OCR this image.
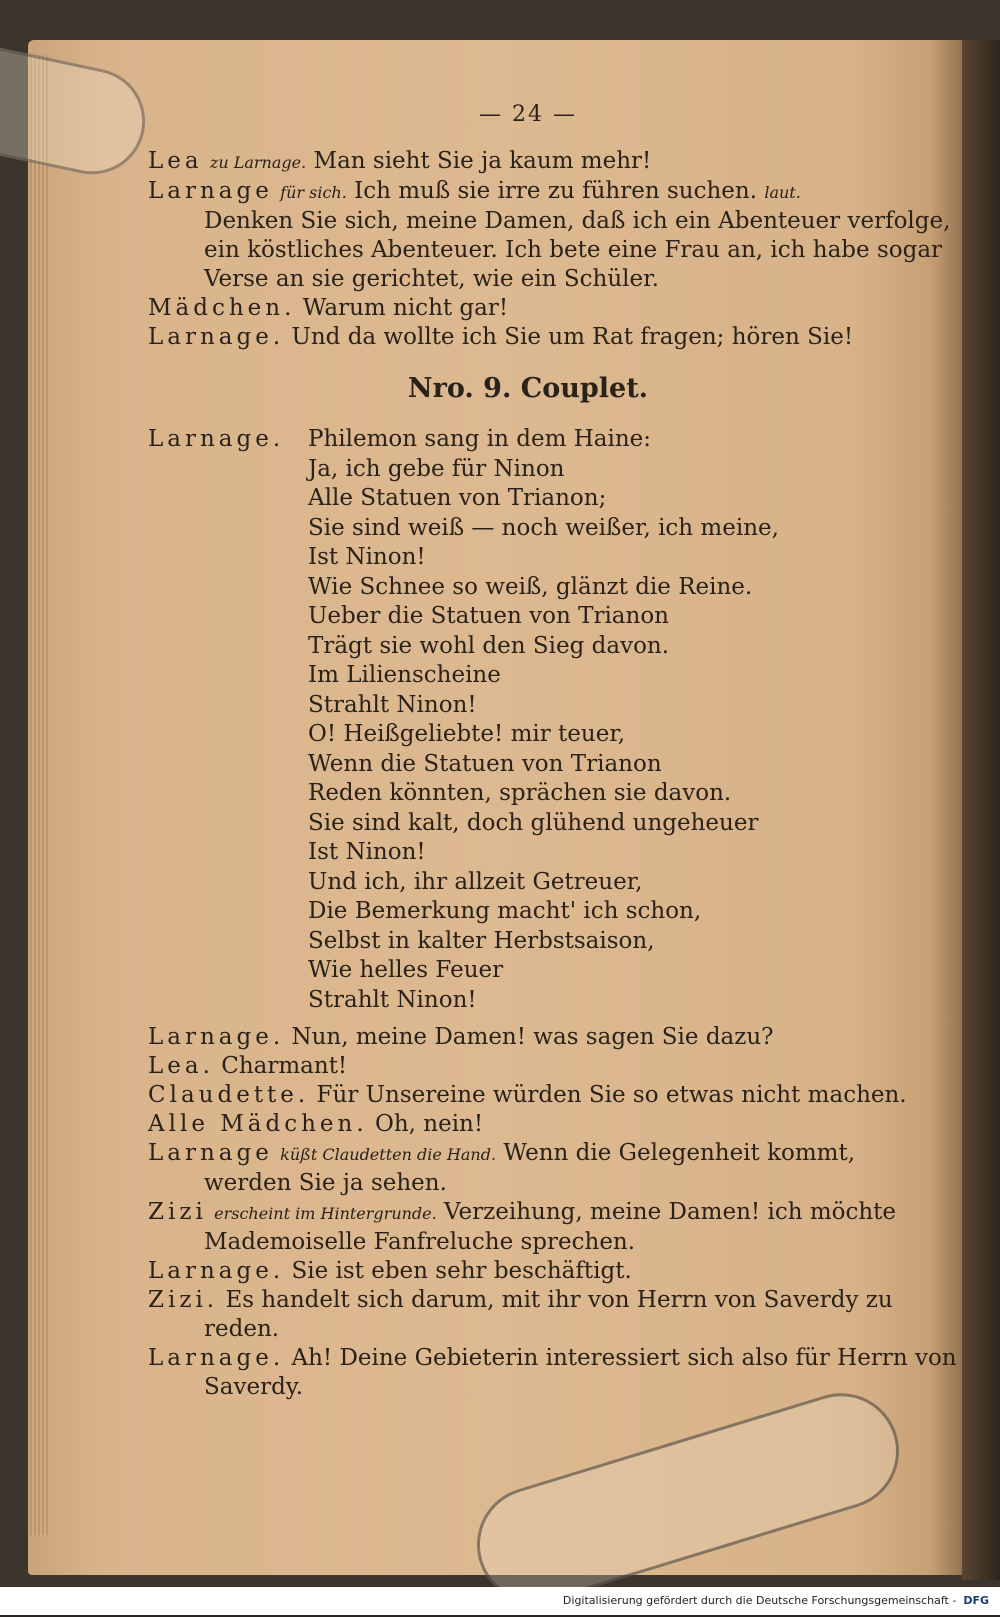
— 24 —

Lea zu Larnage. Man sieht Sie ja kaum mehr!

Larnage für sich. Ich muß sie irre zu führen suchen. laut.

Denken Sie sich, meine Damen, daß ich ein Abenteuer verfolge,

ein köstliches Abenteuer. Ich bete eine Frau an, ich habe sogar

Verse an sie gerichtet, wie ein Schüler.

Mädchen. Warum nicht gar!

Larnage. Und da wollte ich Sie um Rat fragen; hören Sie!

Nro. 9. Couplet.
Larnage. Philemon sang in dem Haine:

Ja, ich gebe für Ninon

Alle Statuen von Trianon;

Sie sind weiß — noch weißer, ich meine,

Ist Ninon!

Wie Schnee so weiß, glänzt die Reine.

Ueber die Statuen von Trianon

Trägt sie wohl den Sieg davon.

Im Lilienscheine

Strahlt Ninon!

O! Heißgeliebte! mir teuer,

Wenn die Statuen von Trianon

Reden könnten, sprächen sie davon.

Sie sind kalt, doch glühend ungeheuer

Ist Ninon!

Und ich, ihr allzeit Getreuer,

Die Bemerkung macht' ich schon,

Selbst in kalter Herbstsaison,

Wie helles Feuer

Strahlt Ninon!

Larnage. Nun, meine Damen! was sagen Sie dazu?

Lea. Charmant!

Claudette. Für Unsereine würden Sie so etwas nicht machen.

Alle Mädchen. Oh, nein!

Larnage küßt Claudetten die Hand. Wenn die Gelegenheit kommt,

werden Sie ja sehen.

Zizi erscheint im Hintergrunde. Verzeihung, meine Damen! ich möchte

Mademoiselle Fanfreluche sprechen.

Larnage. Sie ist eben sehr beschäftigt.

Zizi. Es handelt sich darum, mit ihr von Herrn von Saverdy zu

reden.

Larnage. Ah! Deine Gebieterin interessiert sich also für Herrn von

Saverdy.

Digitalisierung gefördert durch die Deutsche Forschungsgemeinschaft - DFG
